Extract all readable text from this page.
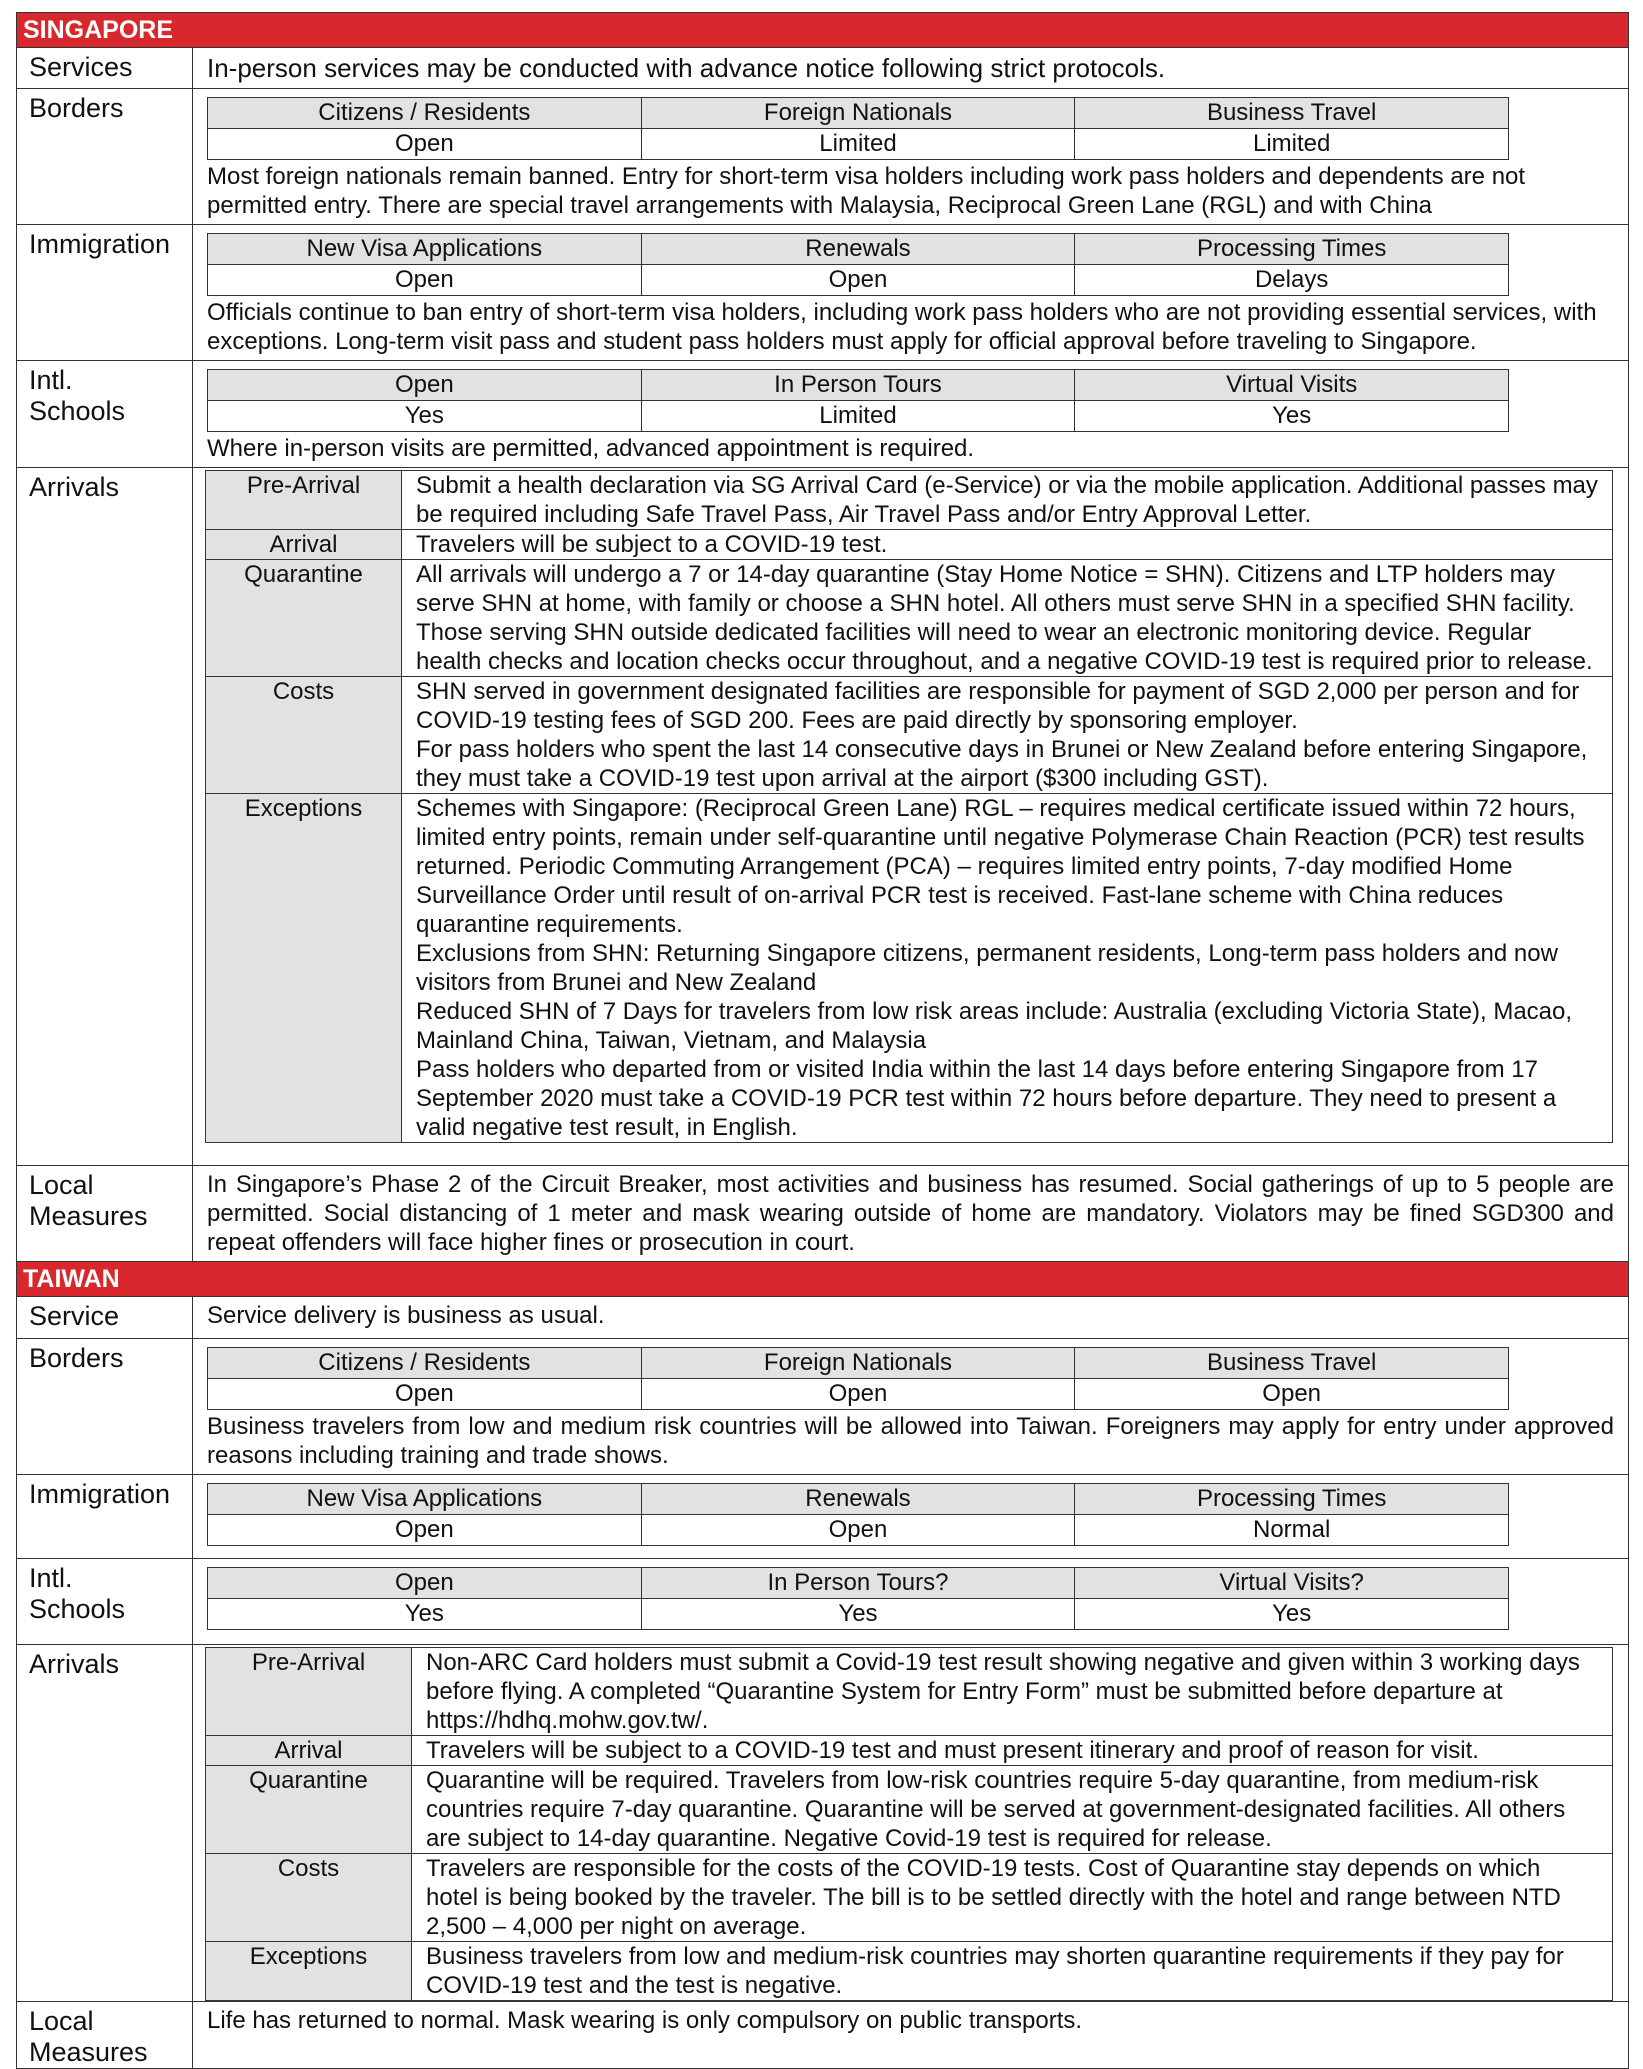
SINGAPORE
Services	In-person services may be conducted with advance notice following strict protocols.

Borders		Citizens / Residents	Foreign Nationals	Business Travel
Open	Limited	Limited
Most foreign nationals remain banned. Entry for short-term visa holders including work pass holders and dependents are not permitted entry. There are special travel arrangements with Malaysia, Reciprocal Green Lane (RGL) and with China

Immigration		New Visa Applications	Renewals	Processing Times
Open	Open	Delays
Officials continue to ban entry of short-term visa holders, including work pass holders who are not providing essential services, with exceptions. Long-term visit pass and student pass holders must apply for official approval before traveling to Singapore.

Intl.
Schools

Open	In Person Tours	Virtual Visits
Yes	Limited	Yes
Where in-person visits are permitted, advanced appointment is required.

Arrivals		Pre-Arrival	Submit a health declaration via SG Arrival Card (e-Service) or via the mobile application. Additional passes may be required including Safe Travel Pass, Air Travel Pass and/or Entry Approval Letter.

Arrival	Travelers will be subject to a COVID-19 test.

Quarantine	All arrivals will undergo a 7 or 14-day quarantine (Stay Home Notice = SHN). Citizens and LTP holders may serve SHN at home, with family or choose a SHN hotel. All others must serve SHN in a specified SHN facility. Those serving SHN outside dedicated facilities will need to wear an electronic monitoring device. Regular health checks and location checks occur throughout, and a negative COVID-19 test is required prior to release.

Costs	SHN served in government designated facilities are responsible for payment of SGD 2,000 per person and for COVID-19 testing fees of SGD 200. Fees are paid directly by sponsoring employer.
For pass holders who spent the last 14 consecutive days in Brunei or New Zealand before entering Singapore, they must take a COVID-19 test upon arrival at the airport ($300 including GST).

Exceptions	Schemes with Singapore: (Reciprocal Green Lane) RGL – requires medical certificate issued within 72 hours, limited entry points, remain under self-quarantine until negative Polymerase Chain Reaction (PCR) test results returned. Periodic Commuting Arrangement (PCA) – requires limited entry points, 7-day modified Home Surveillance Order until result of on-arrival PCR test is received. Fast-lane scheme with China reduces quarantine requirements.
Exclusions from SHN: Returning Singapore citizens, permanent residents, Long-term pass holders and now visitors from Brunei and New Zealand
Reduced SHN of 7 Days for travelers from low risk areas include: Australia (excluding Victoria State), Macao, Mainland China, Taiwan, Vietnam, and Malaysia
Pass holders who departed from or visited India within the last 14 days before entering Singapore from 17 September 2020 must take a COVID-19 PCR test within 72 hours before departure. They need to present a valid negative test result, in English.

Local
Measures

In Singapore’s Phase 2 of the Circuit Breaker, most activities and business has resumed. Social gatherings of up to 5 people are permitted. Social distancing of 1 meter and mask wearing outside of home are mandatory. Violators may be fined SGD300 and repeat offenders will face higher fines or prosecution in court.

TAIWAN
Service	Service delivery is business as usual.

Borders		Citizens / Residents	Foreign Nationals	Business Travel
Open	Open	Open
Business travelers from low and medium risk countries will be allowed into Taiwan. Foreigners may apply for entry under approved reasons including training and trade shows.

Immigration		New Visa Applications	Renewals	Processing Times
Open	Open	Normal

Intl.
Schools

Open	In Person Tours?	Virtual Visits?
Yes	Yes	Yes

Arrivals		Pre-Arrival	Non-ARC Card holders must submit a Covid-19 test result showing negative and given within 3 working days before flying. A completed “Quarantine System for Entry Form” must be submitted before departure at https://hdhq.mohw.gov.tw/.

Arrival	Travelers will be subject to a COVID-19 test and must present itinerary and proof of reason for visit.

Quarantine	Quarantine will be required. Travelers from low-risk countries require 5-day quarantine, from medium-risk countries require 7-day quarantine. Quarantine will be served at government-designated facilities. All others are subject to 14-day quarantine. Negative Covid-19 test is required for release.

Costs	Travelers are responsible for the costs of the COVID-19 tests. Cost of Quarantine stay depends on which hotel is being booked by the traveler. The bill is to be settled directly with the hotel and range between NTD 2,500 – 4,000 per night on average.

Exceptions	Business travelers from low and medium-risk countries may shorten quarantine requirements if they pay for COVID-19 test and the test is negative.

Local
Measures

Life has returned to normal. Mask wearing is only compulsory on public transports.
